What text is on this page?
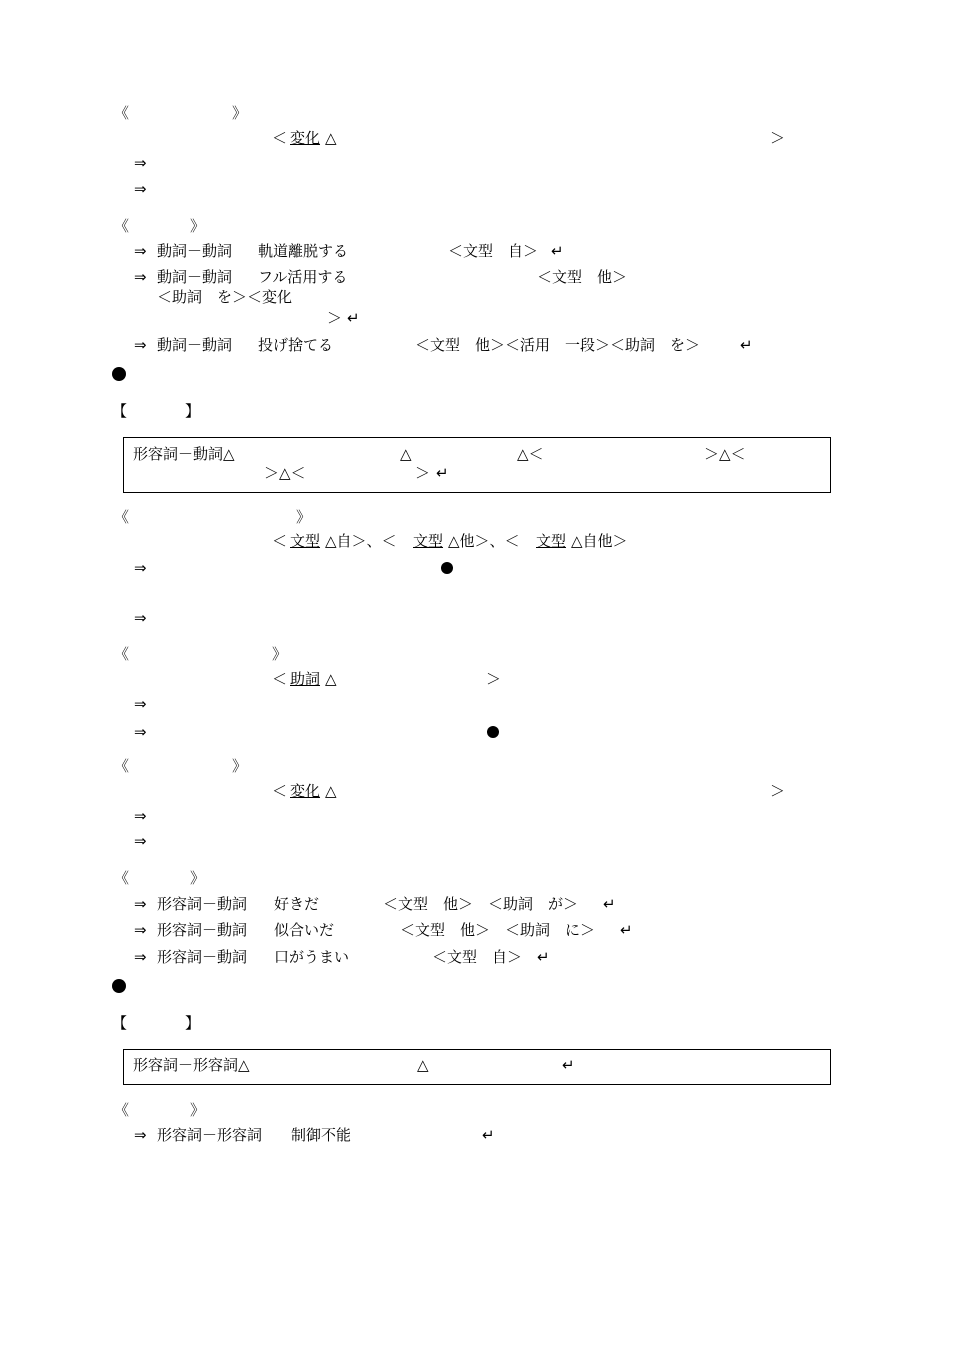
《	》
＜ 変化 △	＞
⇒
⇒
《	》
⇒ 動詞－動詞 軌道離脱する	＜文型　自＞ ↵
⇒ 動詞－動詞 フル活用する	＜文型　他＞
＜助詞　を＞＜変化
＞ ↵
⇒ 動詞－動詞 投げ捨てる	＜文型　他＞＜活用　一段＞＜助詞　を＞	↵
【	】
形容詞－動詞△	△	△＜	＞△＜
＞△＜	＞ ↵
《	》
＜ 文型 △自＞、＜ 文型 △他＞、＜ 文型 △自他＞
⇒
⇒
《	》
＜ 助詞 △	＞
⇒
⇒
《	》
＜ 変化 △	＞
⇒
⇒
《	》
⇒ 形容詞－動詞 好きだ	＜文型　他＞　＜助詞　が＞ ↵
⇒ 形容詞－動詞 似合いだ	＜文型　他＞　＜助詞　に＞ ↵
⇒ 形容詞－動詞 口がうまい	＜文型　自＞ ↵
【	】
形容詞－形容詞△	△	↵
《	》
⇒ 形容詞－形容詞 制御不能	↵
